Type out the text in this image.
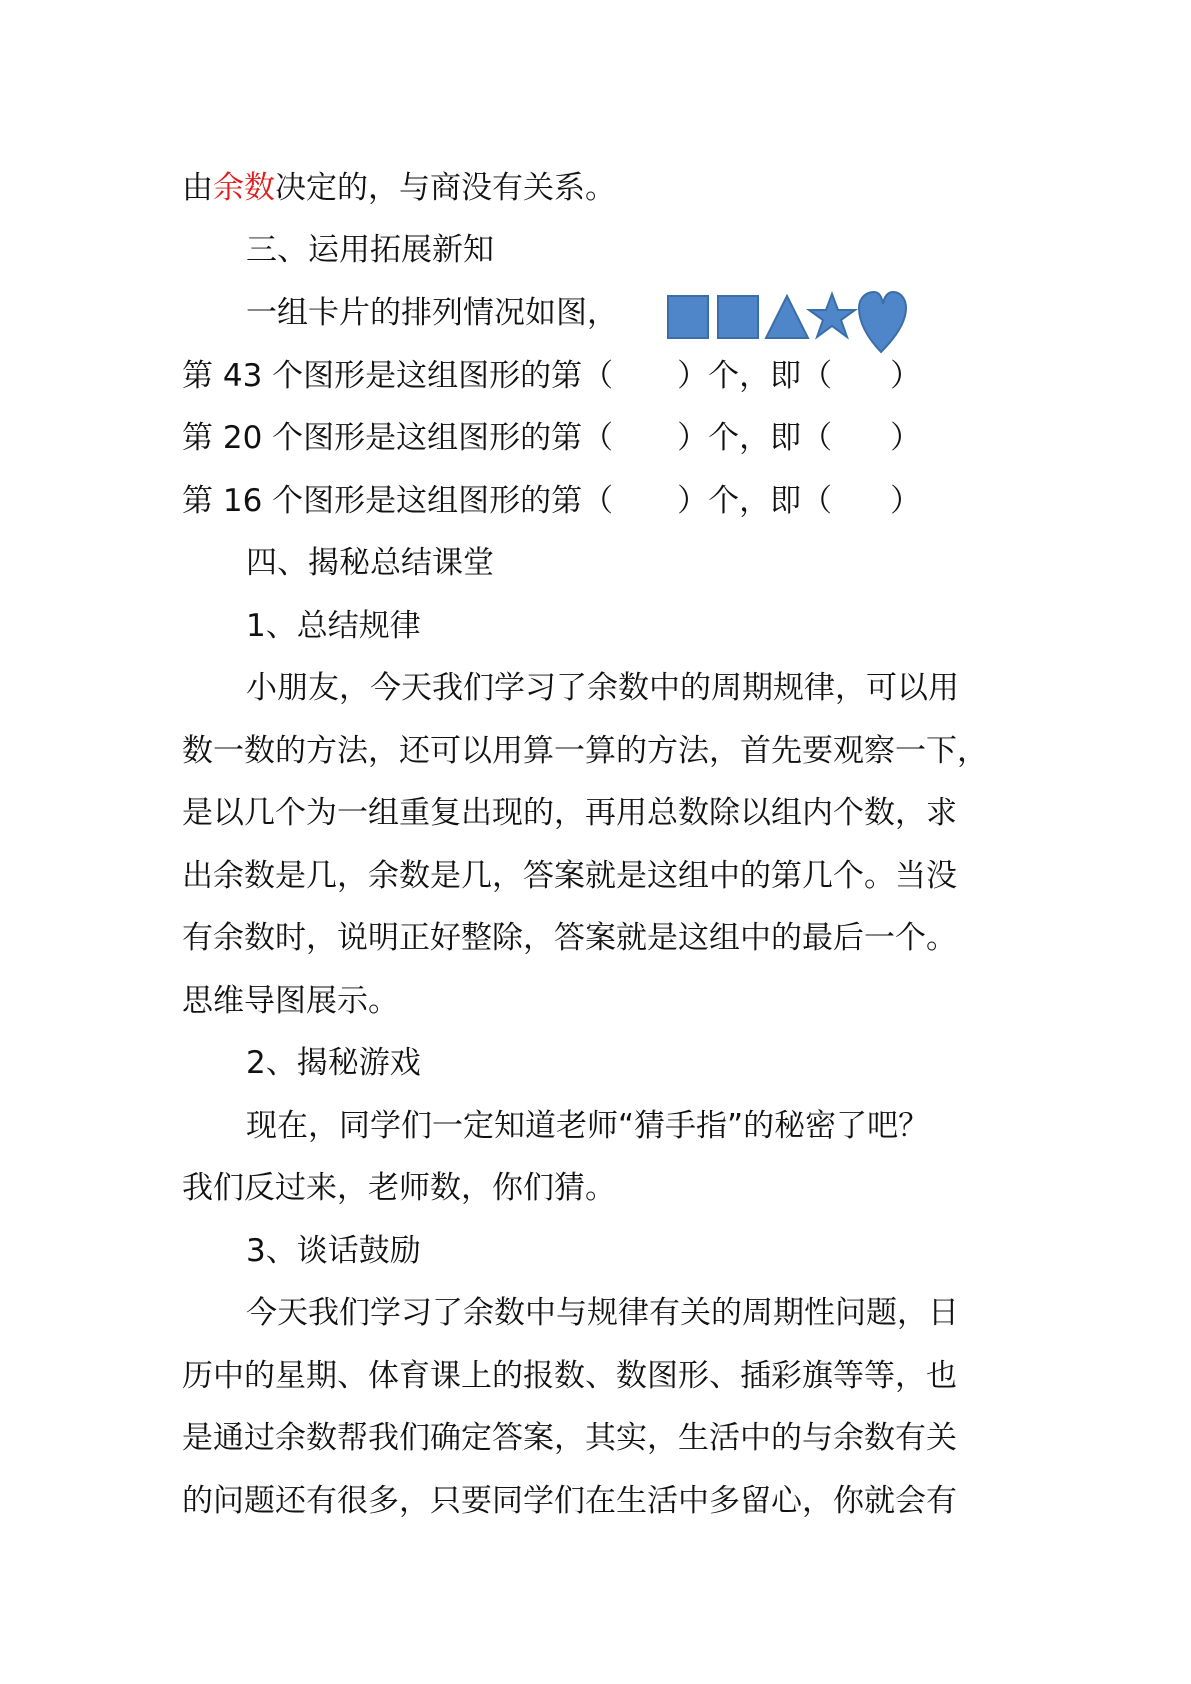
由余数决定的，与商没有关系。
三、运用拓展新知
一组卡片的排列情况如图，
第 43 个图形是这组图形的第（ ）个，即（ ）
第 20 个图形是这组图形的第（ ）个，即（ ）
第 16 个图形是这组图形的第（ ）个，即（ ）
四、揭秘总结课堂
1、总结规律
小朋友，今天我们学习了余数中的周期规律，可以用
数一数的方法，还可以用算一算的方法，首先要观察一下，
是以几个为一组重复出现的，再用总数除以组内个数，求
出余数是几，余数是几，答案就是这组中的第几个。当没
有余数时，说明正好整除，答案就是这组中的最后一个。
思维导图展示。
2、揭秘游戏
现在，同学们一定知道老师“猜手指”的秘密了吧？
我们反过来，老师数，你们猜。
3、谈话鼓励
今天我们学习了余数中与规律有关的周期性问题，日
历中的星期、体育课上的报数、数图形、插彩旗等等，也
是通过余数帮我们确定答案，其实，生活中的与余数有关
的问题还有很多，只要同学们在生活中多留心，你就会有
